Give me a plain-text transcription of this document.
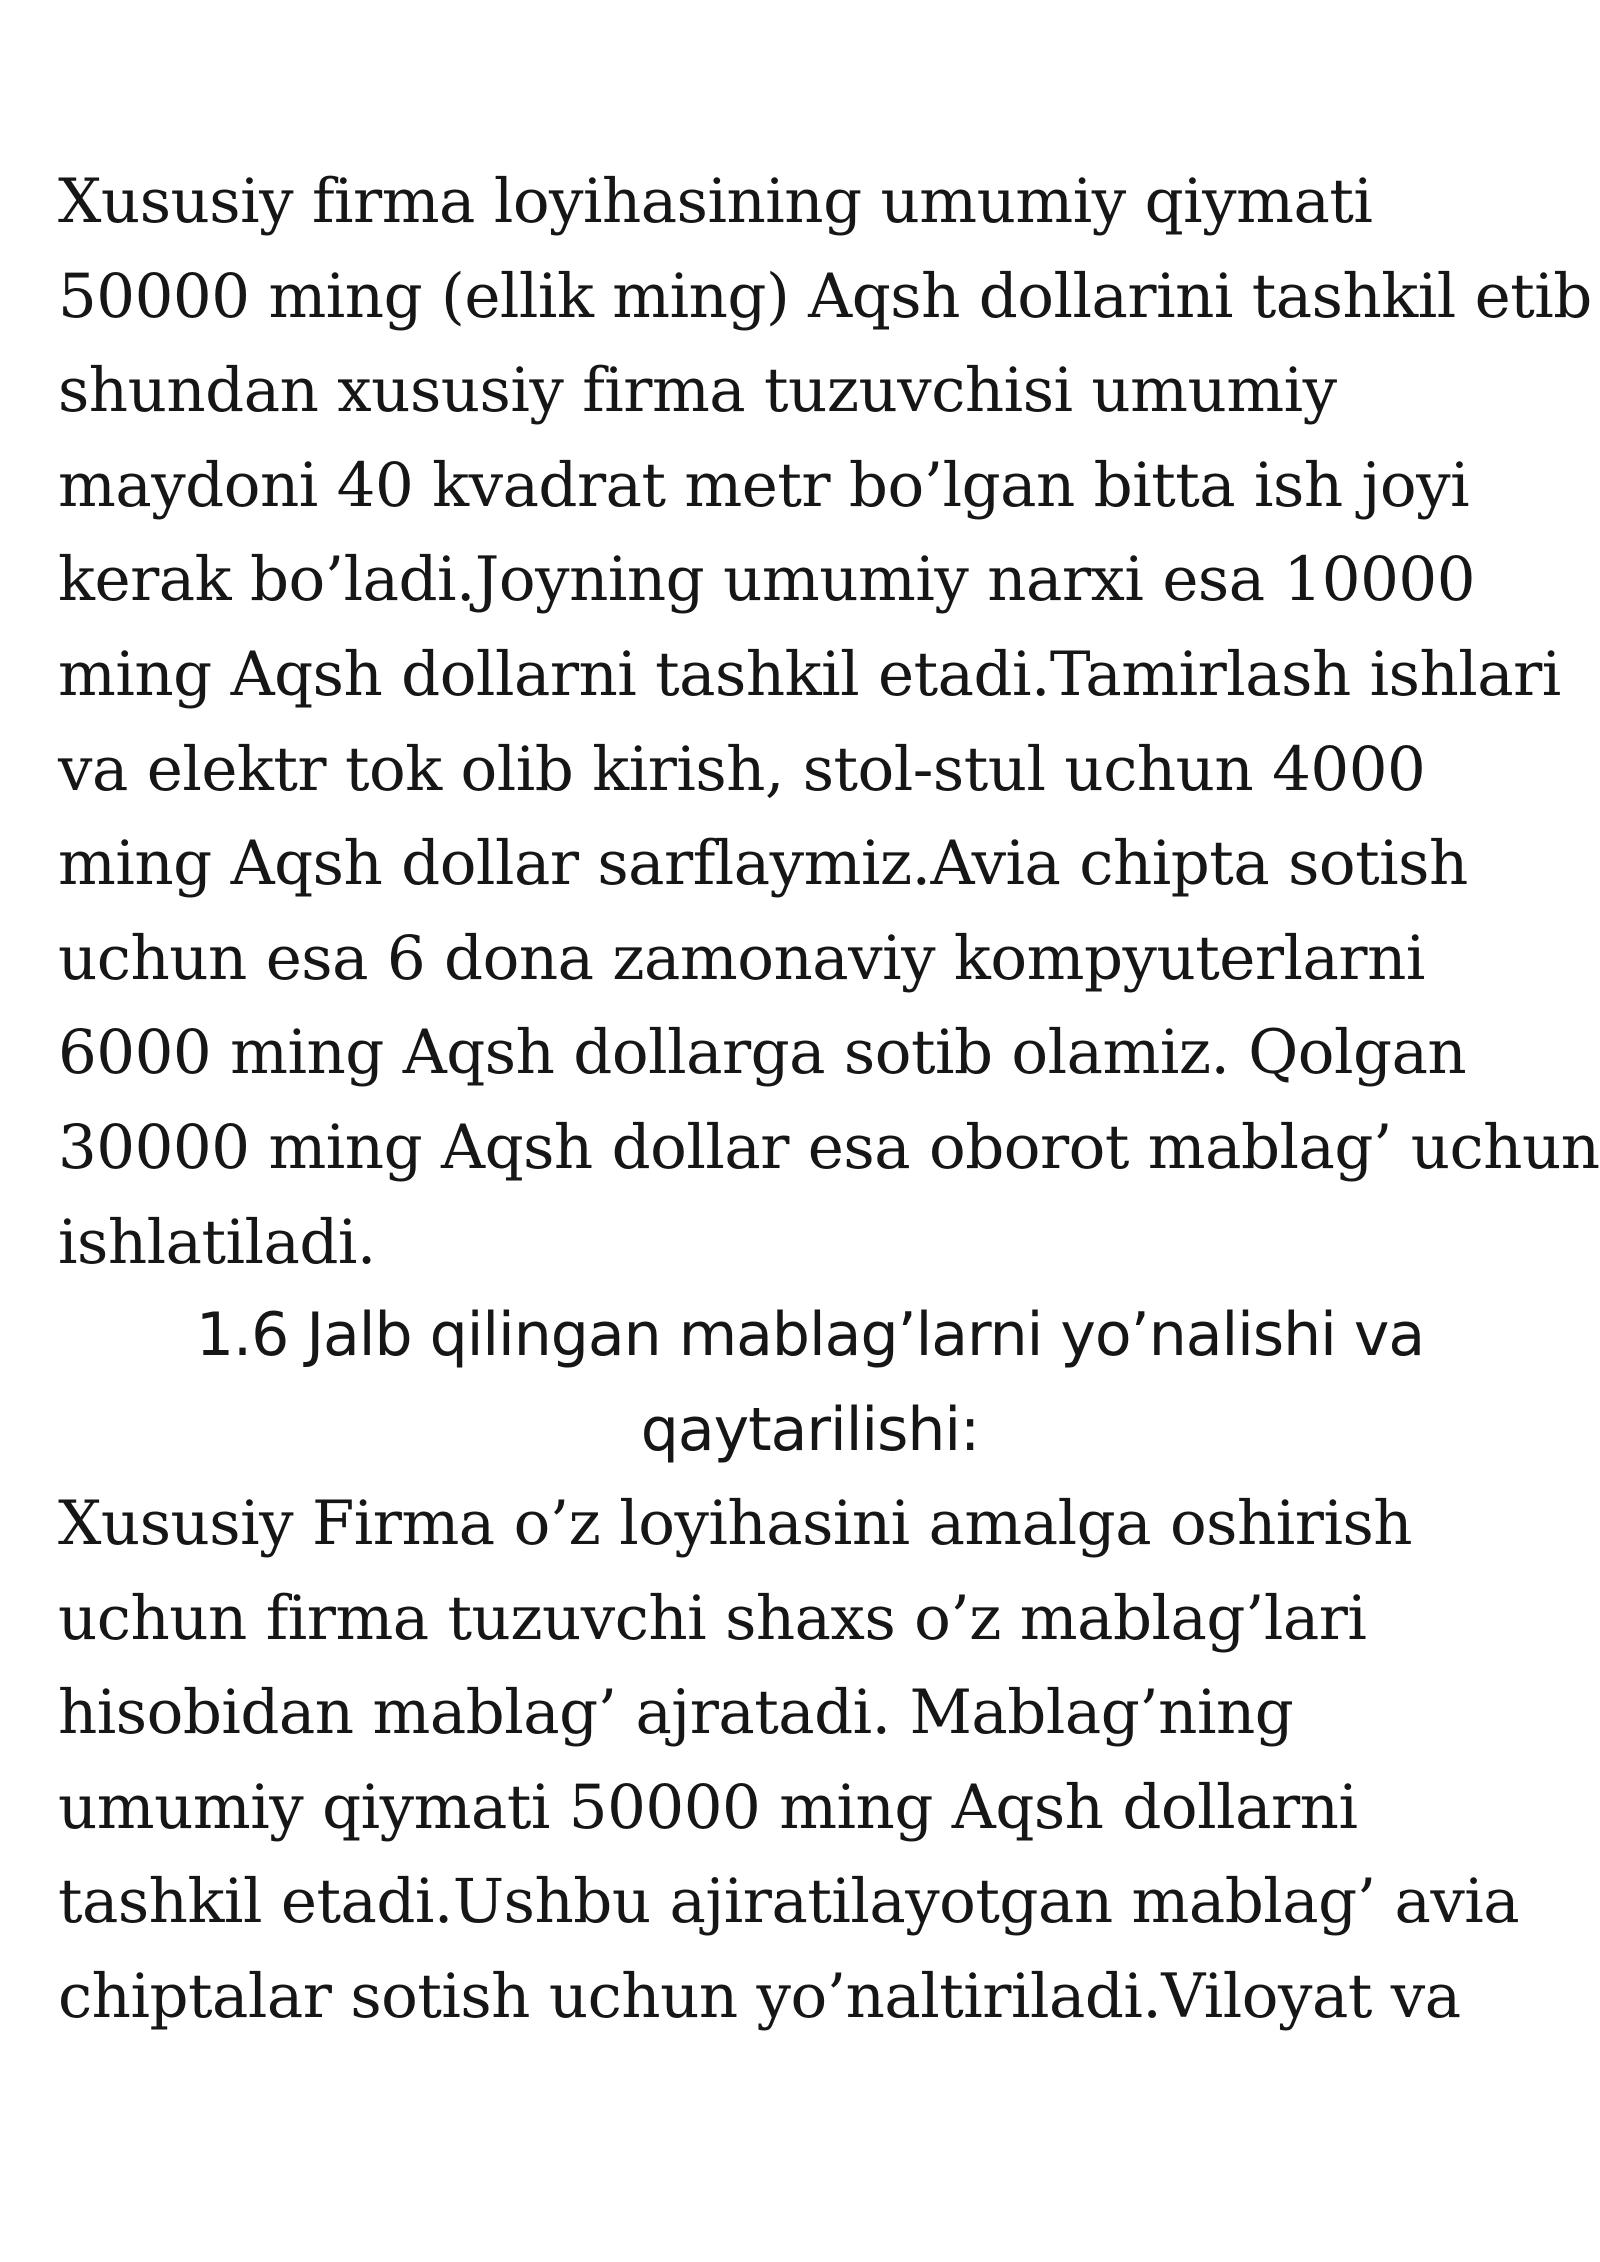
Xususiy firma loyihasining umumiy qiymati
50000 ming (ellik ming) Aqsh dollarini tashkil etib
shundan xususiy firma tuzuvchisi umumiy
maydoni 40 kvadrat metr bo’lgan bitta ish joyi
kerak bo’ladi.Joyning umumiy narxi esa 10000
ming Aqsh dollarni tashkil etadi.Tamirlash ishlari
va elektr tok olib kirish, stol-stul uchun 4000
ming Aqsh dollar sarflaymiz.Avia chipta sotish
uchun esa 6 dona zamonaviy kompyuterlarni
6000 ming Aqsh dollarga sotib olamiz. Qolgan
30000 ming Aqsh dollar esa oborot mablag’ uchun
ishlatiladi.
1.6 Jalb qilingan mablag’larni yo’nalishi va
qaytarilishi:
Xususiy Firma o’z loyihasini amalga oshirish
uchun firma tuzuvchi shaxs o’z mablag’lari
hisobidan mablag’ ajratadi. Mablag’ning
umumiy qiymati 50000 ming Aqsh dollarni
tashkil etadi.Ushbu ajiratilayotgan mablag’ avia
chiptalar sotish uchun yo’naltiriladi.Viloyat va
